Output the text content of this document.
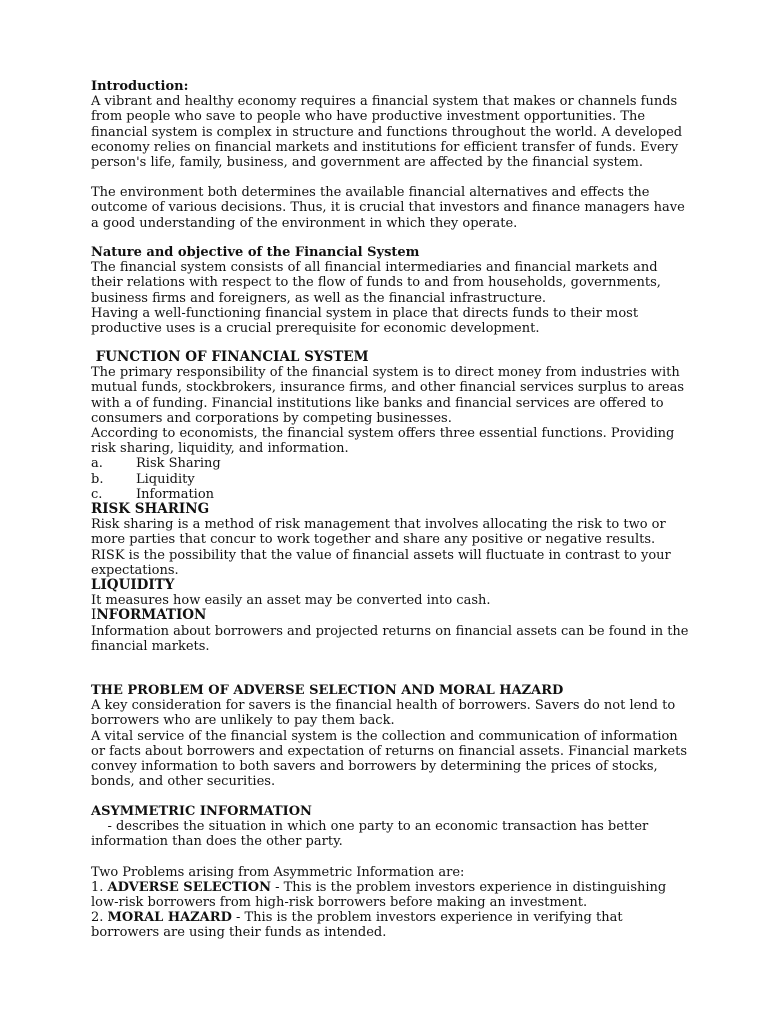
Introduction:

A vibrant and healthy economy requires a financial system that makes or channels funds from people who save to people who have productive investment opportunities. The financial system is complex in structure and functions throughout the world. A developed economy relies on financial markets and institutions for efficient transfer of funds. Every person's life, family, business, and government are affected by the financial system.

The environment both determines the available financial alternatives and effects the outcome of various decisions. Thus, it is crucial that investors and finance managers have a good understanding of the environment in which they operate.

Nature and objective of the Financial System

The financial system consists of all financial intermediaries and financial markets and their relations with respect to the flow of funds to and from households, governments, business firms and foreigners, as well as the financial infrastructure.

Having a well-functioning financial system in place that directs funds to their most productive uses is a crucial prerequisite for economic development.

FUNCTION OF FINANCIAL SYSTEM

The primary responsibility of the financial system is to direct money from industries with mutual funds, stockbrokers, insurance firms, and other financial services surplus to areas with a of funding. Financial institutions like banks and financial services are offered to consumers and corporations by competing businesses.

According to economists, the financial system offers three essential functions. Providing risk sharing, liquidity, and information.

a.	Risk Sharing
b.	Liquidity
c.	Information

RISK SHARING

Risk sharing is a method of risk management that involves allocating the risk to two or more parties that concur to work together and share any positive or negative results.

RISK is the possibility that the value of financial assets will fluctuate in contrast to your expectations.

LIQUIDITY

It measures how easily an asset may be converted into cash.

INFORMATION

Information about borrowers and projected returns on financial assets can be found in the financial markets.

THE PROBLEM OF ADVERSE SELECTION AND MORAL HAZARD

A key consideration for savers is the financial health of borrowers. Savers do not lend to borrowers who are unlikely to pay them back.

A vital service of the financial system is the collection and communication of information or facts about borrowers and expectation of returns on financial assets. Financial markets convey information to both savers and borrowers by determining the prices of stocks, bonds, and other securities.

ASYMMETRIC INFORMATION

- describes the situation in which one party to an economic transaction has better information than does the other party.

Two Problems arising from Asymmetric Information are:

1. ADVERSE SELECTION - This is the problem investors experience in distinguishing low-risk borrowers from high-risk borrowers before making an investment.

2. MORAL HAZARD - This is the problem investors experience in verifying that borrowers are using their funds as intended.
